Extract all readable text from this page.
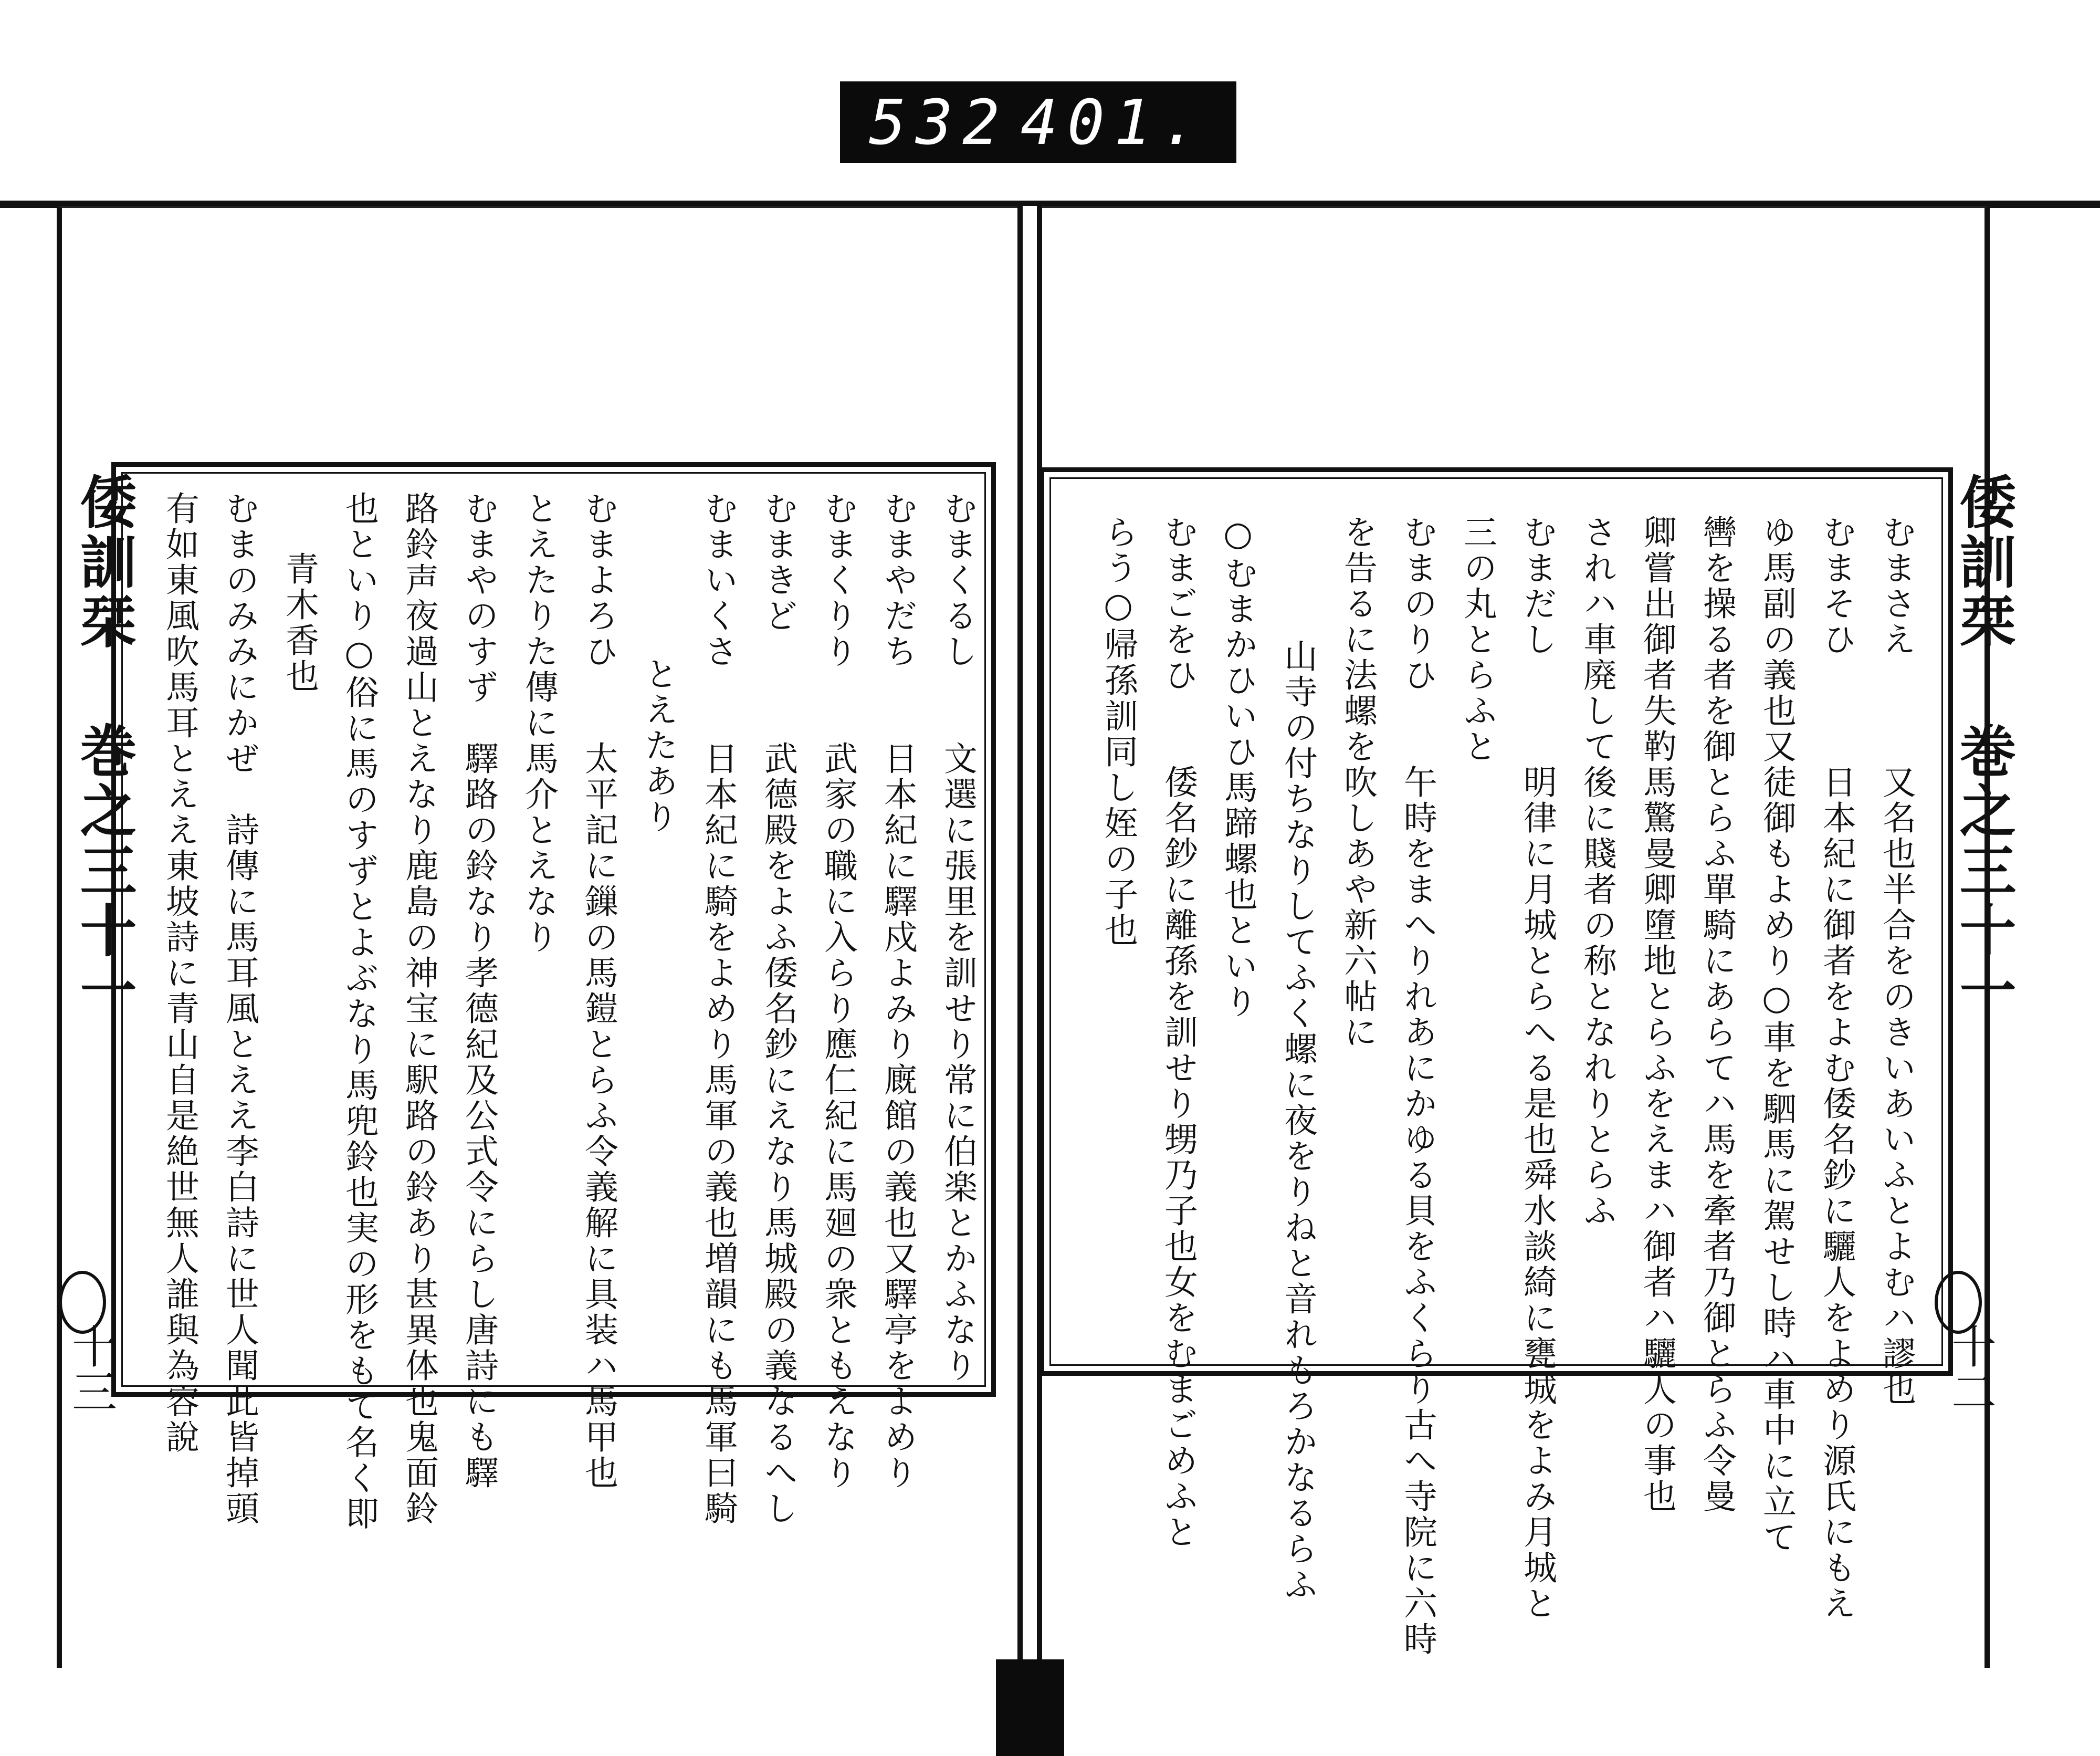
532 401.
倭訓栞 巻之三十一
十三
倭訓栞 巻之三十一
十二
むまくるし　　文選に張里を訓せり常に伯楽とかふなり
むまやだち　　日本紀に驛戍よみり廐館の義也又驛亭をよめり
むまくりり　　武家の職に入らり應仁紀に馬廻の衆ともえなり
むまきど　　　武德殿をよふ倭名鈔にえなり馬城殿の義なるへし
むまいくさ　　日本紀に騎をよめり馬軍の義也増韻にも馬軍曰騎
とえたあり
むまよろひ　　太平記に鏁の馬鎧とらふ令義解に具装ハ馬甲也
とえたりた傳に馬介とえなり
むまやのすず　驛路の鈴なり孝德紀及公式令にらし唐詩にも驛
路鈴声夜過山とえなり鹿島の神宝に駅路の鈴あり甚異体也鬼面鈴
也といり○俗に馬のすずとよぶなり馬兜鈴也実の形をもて名く即
青木香也
むまのみみにかぜ　詩傳に馬耳風とええ李白詩に世人聞此皆掉頭
有如東風吹馬耳とええ東坡詩に青山自是絶世無人誰與為容說	むまさえ　　　又名也半合をのきいあいふとよむハ謬也
むまそひ　　　日本紀に御者をよむ倭名鈔に驪人をよめり源氏にもえ
ゆ馬副の義也又徒御もよめり○車を駟馬に駕せし時ハ車中に立て
轡を操る者を御とらふ單騎にあらてハ馬を牽者乃御とらふ令曼
卿嘗出御者失靮馬驚曼卿墮地とらふをえまハ御者ハ驪人の事也
されハ車廃して後に賤者の称となれりとらふ
むまだし　　　明律に月城とらへる是也舜水談綺に甕城をよみ月城と
三の丸とらふと
むまのりひ　　午時をまへりれあにかゆる貝をふくらり古へ寺院に六時
を告るに法螺を吹しあや新六帖に
　　山寺の付ちなりしてふく螺に夜をりねと音れもろかなるらふ
○むまかひいひ馬蹄螺也といり
むまごをひ　　倭名鈔に離孫を訓せり甥乃子也女をむまごめふと
らう○帰孫訓同し姪の子也
